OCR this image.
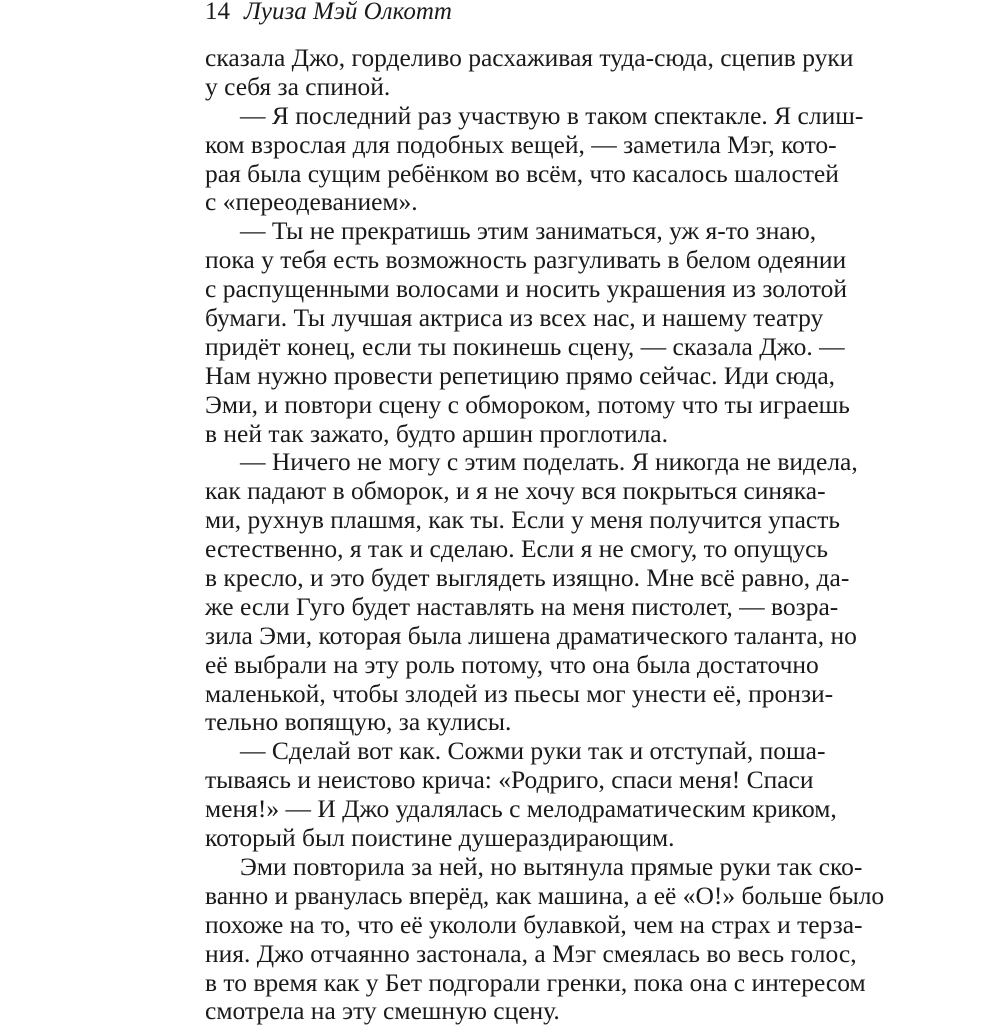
14 Луиза Мэй Олкотт
сказала Джо, горделиво расхаживая туда-сюда, сцепив руки
у себя за спиной.
— Я последний раз участвую в таком спектакле. Я слиш-
ком взрослая для подобных вещей, — заметила Мэг, кото-
рая была сущим ребёнком во всём, что касалось шалостей
с «переодеванием».
— Ты не прекратишь этим заниматься, уж я-то знаю,
пока у тебя есть возможность разгуливать в белом одеянии
с распущенными волосами и носить украшения из золотой
бумаги. Ты лучшая актриса из всех нас, и нашему театру
придёт конец, если ты покинешь сцену, — сказала Джо. —
Нам нужно провести репетицию прямо сейчас. Иди сюда,
Эми, и повтори сцену с обмороком, потому что ты играешь
в ней так зажато, будто аршин проглотила.
— Ничего не могу с этим поделать. Я никогда не видела,
как падают в обморок, и я не хочу вся покрыться синяка-
ми, рухнув плашмя, как ты. Если у меня получится упасть
естественно, я так и сделаю. Если я не смогу, то опущусь
в кресло, и это будет выглядеть изящно. Мне всё равно, да-
же если Гуго будет наставлять на меня пистолет, — возра-
зила Эми, которая была лишена драматического таланта, но
её выбрали на эту роль потому, что она была достаточно
маленькой, чтобы злодей из пьесы мог унести её, пронзи-
тельно вопящую, за кулисы.
— Сделай вот как. Сожми руки так и отступай, поша-
тываясь и неистово крича: «Родриго, спаси меня! Спаси
меня!» — И Джо удалялась с мелодраматическим криком,
который был поистине душераздирающим.
Эми повторила за ней, но вытянула прямые руки так ско-
ванно и рванулась вперёд, как машина, а её «О!» больше было
похоже на то, что её укололи булавкой, чем на страх и терза-
ния. Джо отчаянно застонала, а Мэг смеялась во весь голос,
в то время как у Бет подгорали гренки, пока она с интересом
смотрела на эту смешную сцену.
